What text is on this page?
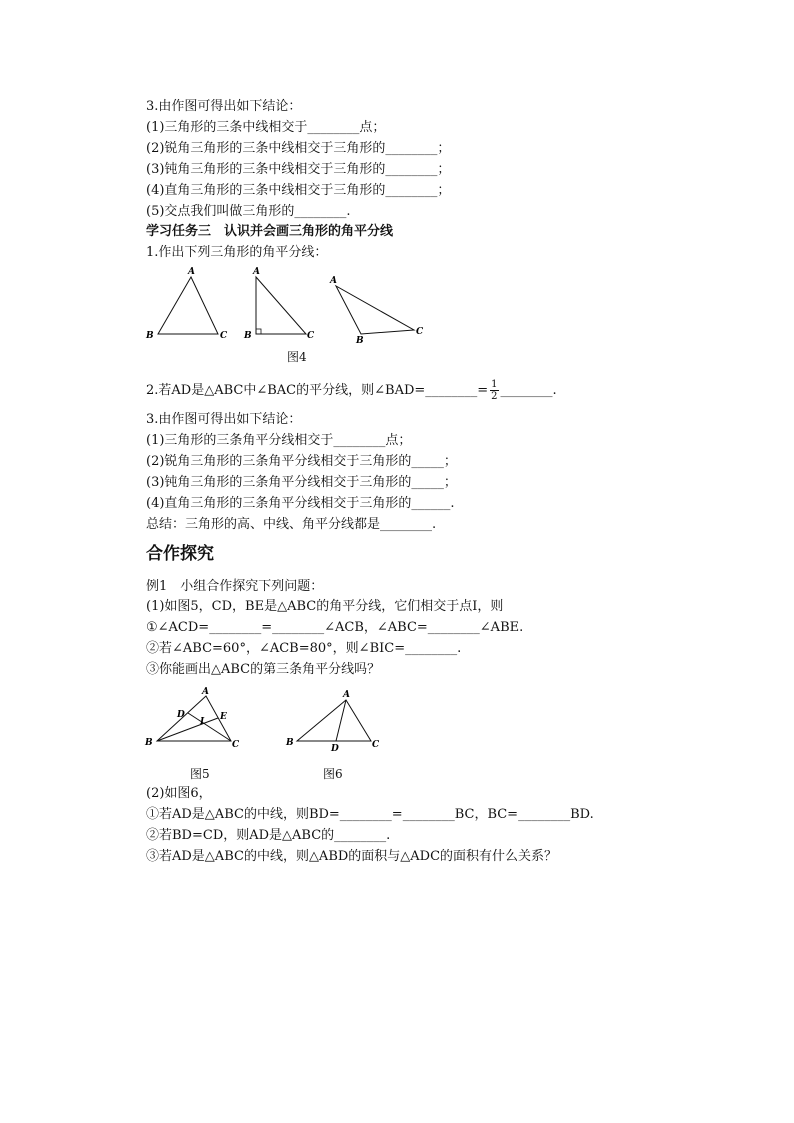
3.由作图可得出如下结论：
(1)三角形的三条中线相交于________点；
(2)锐角三角形的三条中线相交于三角形的________；
(3)钝角三角形的三条中线相交于三角形的________；
(4)直角三角形的三条中线相交于三角形的________；
(5)交点我们叫做三角形的________.
学习任务三　认识并会画三角形的角平分线
1.作出下列三角形的角平分线：
A
B	C
A
B	C
A
B
C
图4
2.若AD是△ABC中∠BAC的平分线，则∠BAD=________= $\frac{1}{2}$ ________.
3.由作图可得出如下结论：
(1)三角形的三条角平分线相交于________点；
(2)锐角三角形的三条角平分线相交于三角形的_____；
(3)钝角三角形的三条角平分线相交于三角形的_____；
(4)直角三角形的三条角平分线相交于三角形的______.
总结：三角形的高、中线、角平分线都是________.
合作探究
例1　小组合作探究下列问题：
(1)如图5，CD，BE是△ABC的角平分线，它们相交于点I，则
①∠ACD=________=________∠ACB，∠ABC=________∠ABE.
②若∠ABC=60°，∠ACB=80°，则∠BIC=________.
③你能画出△ABC的第三条角平分线吗？
A
B	C
D	E
I
A
B	C
D
图5	图6
(2)如图6，
①若AD是△ABC的中线，则BD=________=________BC，BC=________BD.
②若BD=CD，则AD是△ABC的________.
③若AD是△ABC的中线，则△ABD的面积与△ADC的面积有什么关系？
